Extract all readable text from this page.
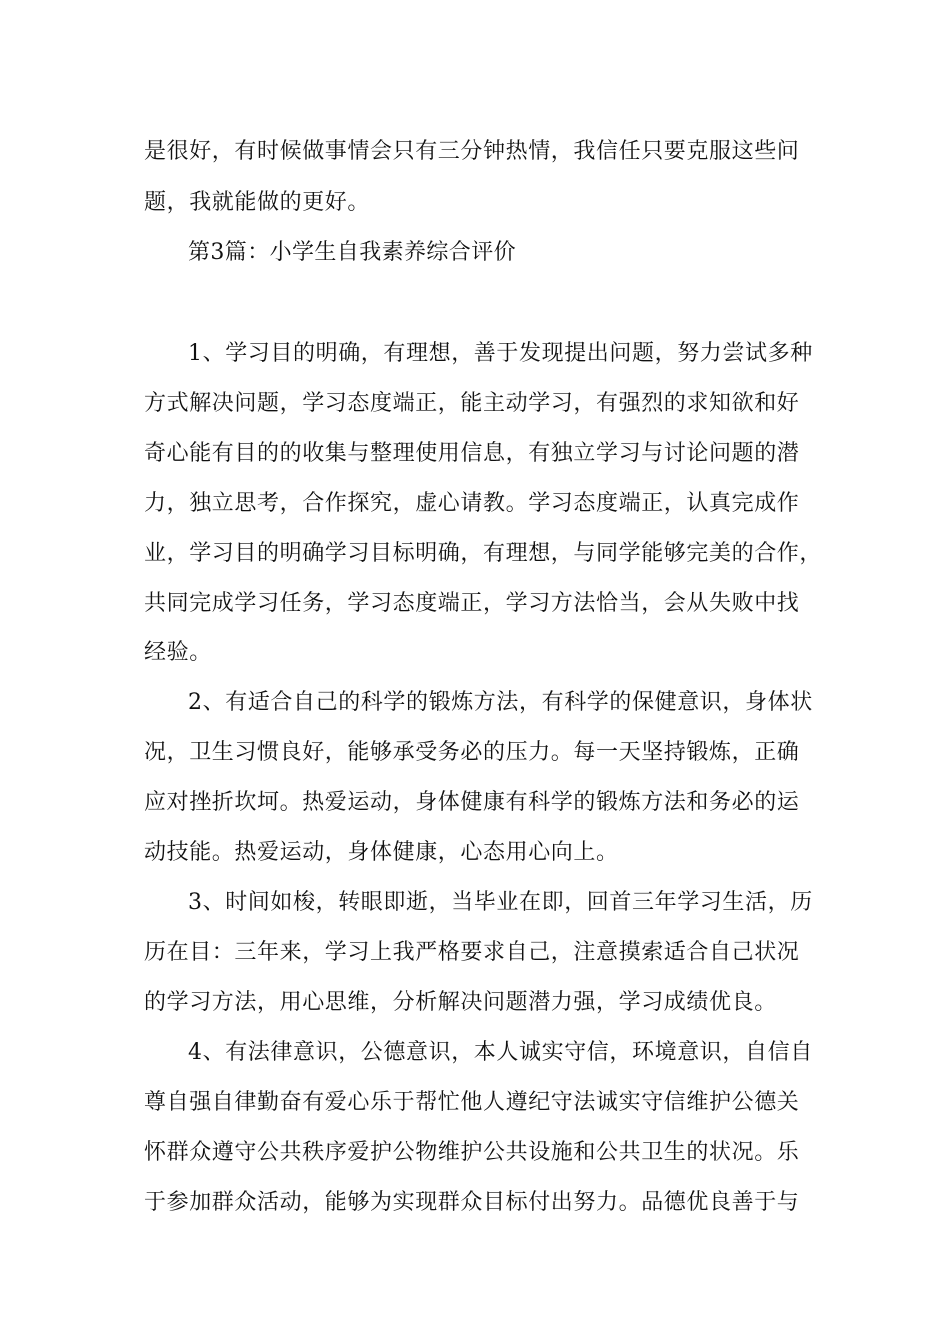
是很好，有时候做事情会只有三分钟热情，我信任只要克服这些问
题，我就能做的更好。
第3篇：小学生自我素养综合评价
1、学习目的明确，有理想，善于发现提出问题，努力尝试多种
方式解决问题，学习态度端正，能主动学习，有强烈的求知欲和好
奇心能有目的的收集与整理使用信息，有独立学习与讨论问题的潜
力，独立思考，合作探究，虚心请教。学习态度端正，认真完成作
业，学习目的明确学习目标明确，有理想，与同学能够完美的合作，
共同完成学习任务，学习态度端正，学习方法恰当，会从失败中找
经验。
2、有适合自己的科学的锻炼方法，有科学的保健意识，身体状
况，卫生习惯良好，能够承受务必的压力。每一天坚持锻炼，正确
应对挫折坎坷。热爱运动，身体健康有科学的锻炼方法和务必的运
动技能。热爱运动，身体健康，心态用心向上。
3、时间如梭，转眼即逝，当毕业在即，回首三年学习生活，历
历在目：三年来，学习上我严格要求自己，注意摸索适合自己状况
的学习方法，用心思维，分析解决问题潜力强，学习成绩优良。
4、有法律意识，公德意识，本人诚实守信，环境意识，自信自
尊自强自律勤奋有爱心乐于帮忙他人遵纪守法诚实守信维护公德关
怀群众遵守公共秩序爱护公物维护公共设施和公共卫生的状况。乐
于参加群众活动，能够为实现群众目标付出努力。品德优良善于与
